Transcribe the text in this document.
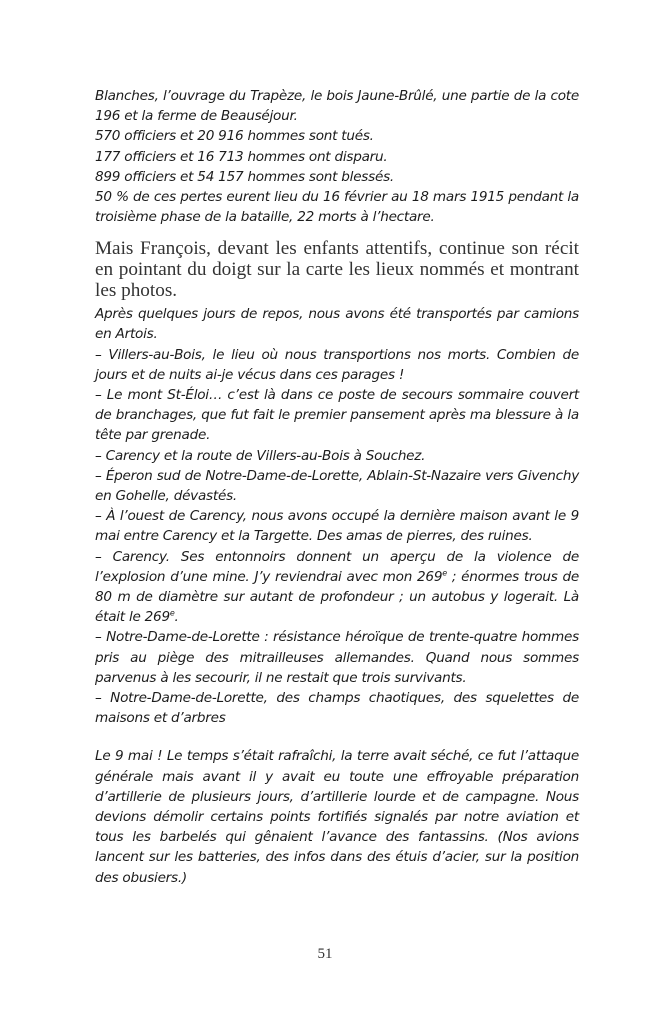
Blanches, l’ouvrage du Trapèze, le bois Jaune-Brûlé, une partie de la cote 196 et la ferme de Beauséjour.

570 officiers et 20 916 hommes sont tués.

177 officiers et 16 713 hommes ont disparu.

899 officiers et 54 157 hommes sont blessés.

50 % de ces pertes eurent lieu du 16 février au 18 mars 1915 pendant la troisième phase de la bataille, 22 morts à l’hectare.

Mais François, devant les enfants attentifs, continue son récit en pointant du doigt sur la carte les lieux nommés et montrant les photos.

Après quelques jours de repos, nous avons été transportés par camions en Artois.

– Villers-au-Bois, le lieu où nous transportions nos morts. Combien de jours et de nuits ai-je vécus dans ces parages !

– Le mont St-Éloi… c’est là dans ce poste de secours sommaire couvert de branchages, que fut fait le premier pansement après ma blessure à la tête par grenade.

– Carency et la route de Villers-au-Bois à Souchez.

– Éperon sud de Notre-Dame-de-Lorette, Ablain-St-Nazaire vers Givenchy en Gohelle, dévastés.

– À l’ouest de Carency, nous avons occupé la dernière maison avant le 9 mai entre Carency et la Targette. Des amas de pierres, des ruines.

– Carency. Ses entonnoirs donnent un aperçu de la violence de l’explosion d’une mine. J’y reviendrai avec mon 269e ; énormes trous de 80 m de diamètre sur autant de profondeur ; un autobus y logerait. Là était le 269e.

– Notre-Dame-de-Lorette : résistance héroïque de trente-quatre hommes pris au piège des mitrailleuses allemandes. Quand nous sommes parvenus à les secourir, il ne restait que trois survivants.

– Notre-Dame-de-Lorette, des champs chaotiques, des squelettes de maisons et d’arbres

Le 9 mai ! Le temps s’était rafraîchi, la terre avait séché, ce fut l’attaque générale mais avant il y avait eu toute une effroyable préparation d’artillerie de plusieurs jours, d’artillerie lourde et de campagne. Nous devions démolir certains points fortifiés signalés par notre aviation et tous les barbelés qui gênaient l’avance des fantassins. (Nos avions lancent sur les batteries, des infos dans des étuis d’acier, sur la position des obusiers.)

51
